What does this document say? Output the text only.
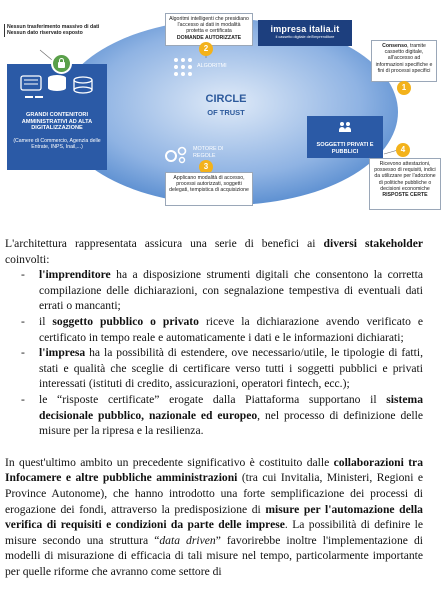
Nessun trasferimento massivo di dati
Nessun dato riservato esposto
GRANDI CONTENITORI AMMINISTRATIVI AD ALTA DIGITALIZZAZIONE
(Camere di Commercio, Agenzia delle Entrate, INPS, Inail,...)
Algoritmi intelligenti che presidiano l'accesso ai dati in modalità protetta e certificata
DOMANDE AUTORIZZATE
2
ALGORITMI
impresa italia.it
il cassetto digitale dell'imprenditore
Consenso, tramite cassetto digitale, all'accesso ad informazioni specifiche e fini di processi specifici
1
CIRCLE
OF TRUST
MOTORE DI REGOLE
3
Applicano modalità di accesso, processi autorizzati, soggetti delegati, tempistica di acquisizione
SOGGETTI PRIVATI E PUBBLICI	4
Ricevono attestazioni, possesso di requisiti, indici da utilizzare per l'adozione di politiche pubbliche o decisioni economiche
RISPOSTE CERTE

L'architettura rappresentata assicura una serie di benefici ai diversi stakeholder coinvolti:

- l'imprenditore ha a disposizione strumenti digitali che consentono la corretta compilazione delle dichiarazioni, con segnalazione tempestiva di eventuali dati errati o mancanti;
- il soggetto pubblico o privato riceve la dichiarazione avendo verificato e certificato in tempo reale e automaticamente i dati e le informazioni dichiarati;
- l'impresa ha la possibilità di estendere, ove necessario/utile, le tipologie di fatti, stati e qualità che sceglie di certificare verso tutti i soggetti pubblici e privati interessati (istituti di credito, assicurazioni, operatori fintech, ecc.);
- le “risposte certificate” erogate dalla Piattaforma supportano il sistema decisionale pubblico, nazionale ed europeo, nel processo di definizione delle misure per la ripresa e la resilienza.

In quest'ultimo ambito un precedente significativo è costituito dalle collaborazioni tra Infocamere e altre pubbliche amministrazioni (tra cui Invitalia, Ministeri, Regioni e Province Autonome), che hanno introdotto una forte semplificazione dei processi di erogazione dei fondi, attraverso la predisposizione di misure per l'automazione della verifica di requisiti e condizioni da parte delle imprese. La possibilità di definire le misure secondo una struttura “data driven” favorirebbe inoltre l'implementazione di modelli di misurazione di efficacia di tali misure nel tempo, particolarmente importante per quelle riforme che avranno come settore di
